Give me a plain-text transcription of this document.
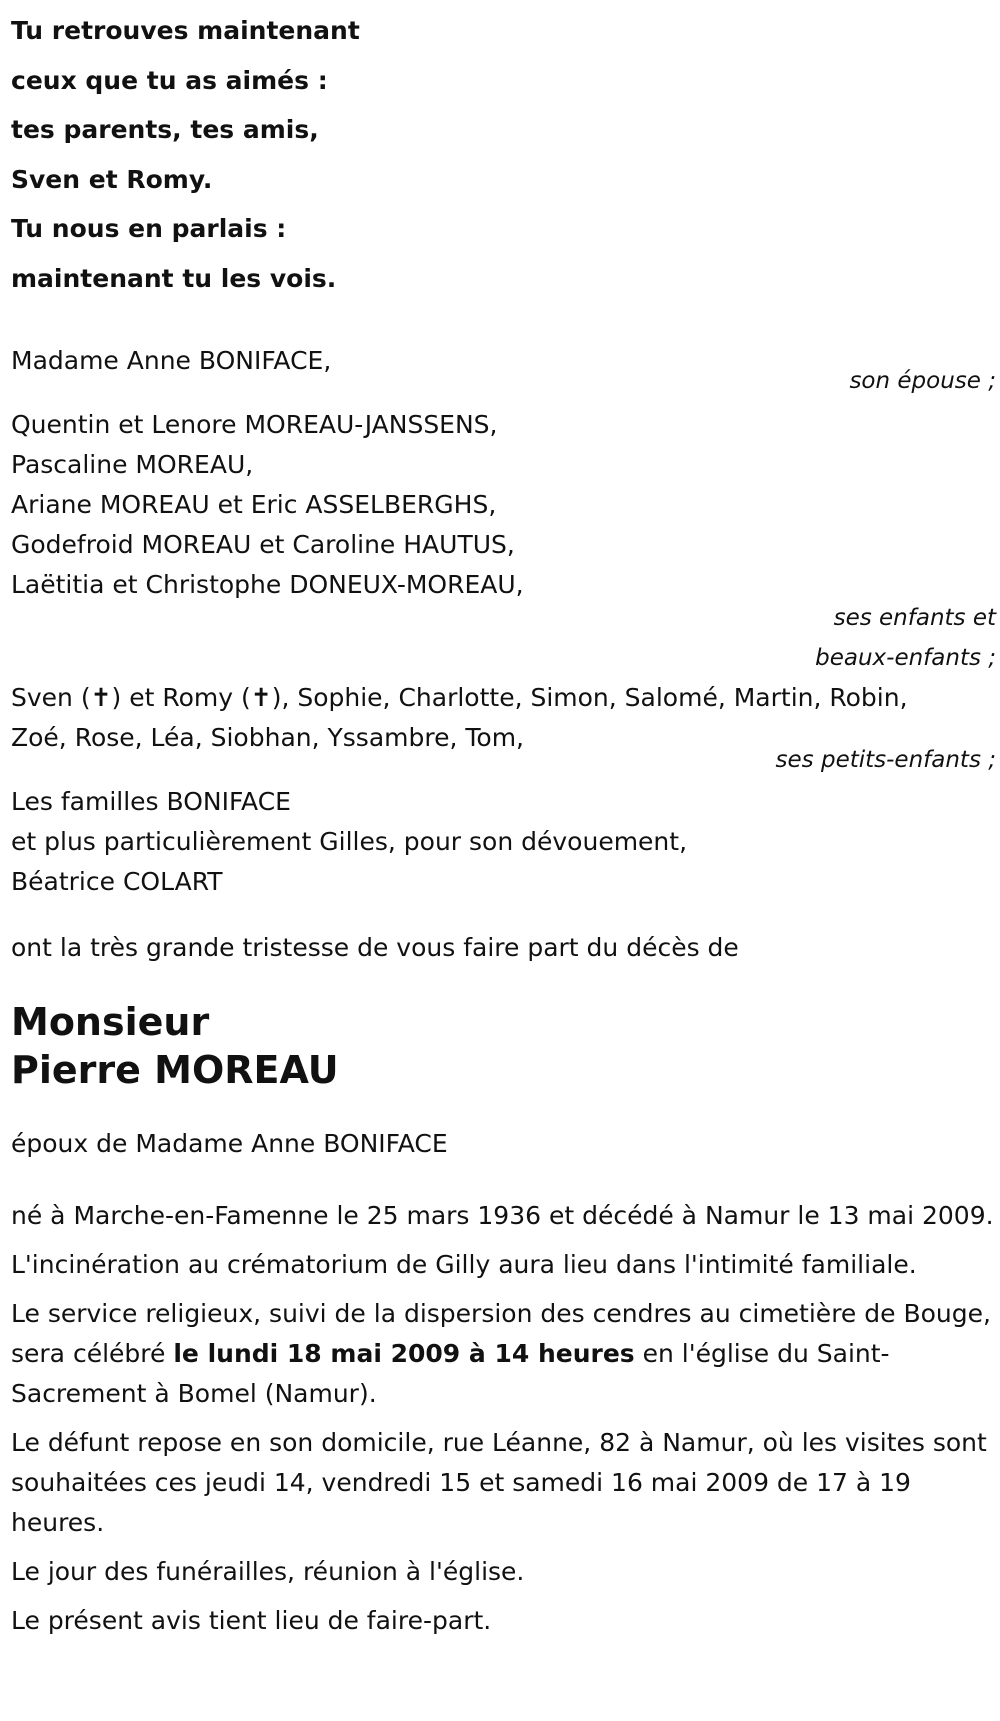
Tu retrouves maintenant
ceux que tu as aimés :
tes parents, tes amis,
Sven et Romy.
Tu nous en parlais :
maintenant tu les vois.
Madame Anne BONIFACE,
son épouse ;
Quentin et Lenore MOREAU-JANSSENS,
Pascaline MOREAU,
Ariane MOREAU et Eric ASSELBERGHS,
Godefroid MOREAU et Caroline HAUTUS,
Laëtitia et Christophe DONEUX-MOREAU,
ses enfants et
beaux-enfants ;
Sven (✝) et Romy (✝), Sophie, Charlotte, Simon, Salomé, Martin, Robin,
Zoé, Rose, Léa, Siobhan, Yssambre, Tom,
ses petits-enfants ;
Les familles BONIFACE
et plus particulièrement Gilles, pour son dévouement,
Béatrice COLART
ont la très grande tristesse de vous faire part du décès de
Monsieur
Pierre MOREAU
époux de Madame Anne BONIFACE
né à Marche-en-Famenne le 25 mars 1936 et décédé à Namur le 13 mai 2009.
L'incinération au crématorium de Gilly aura lieu dans l'intimité familiale.
Le service religieux, suivi de la dispersion des cendres au cimetière de Bouge, sera célébré le lundi 18 mai 2009 à 14 heures en l'église du Saint-Sacrement à Bomel (Namur).
Le défunt repose en son domicile, rue Léanne, 82 à Namur, où les visites sont souhaitées ces jeudi 14, vendredi 15 et samedi 16 mai 2009 de 17 à 19 heures.
Le jour des funérailles, réunion à l'église.
Le présent avis tient lieu de faire-part.
